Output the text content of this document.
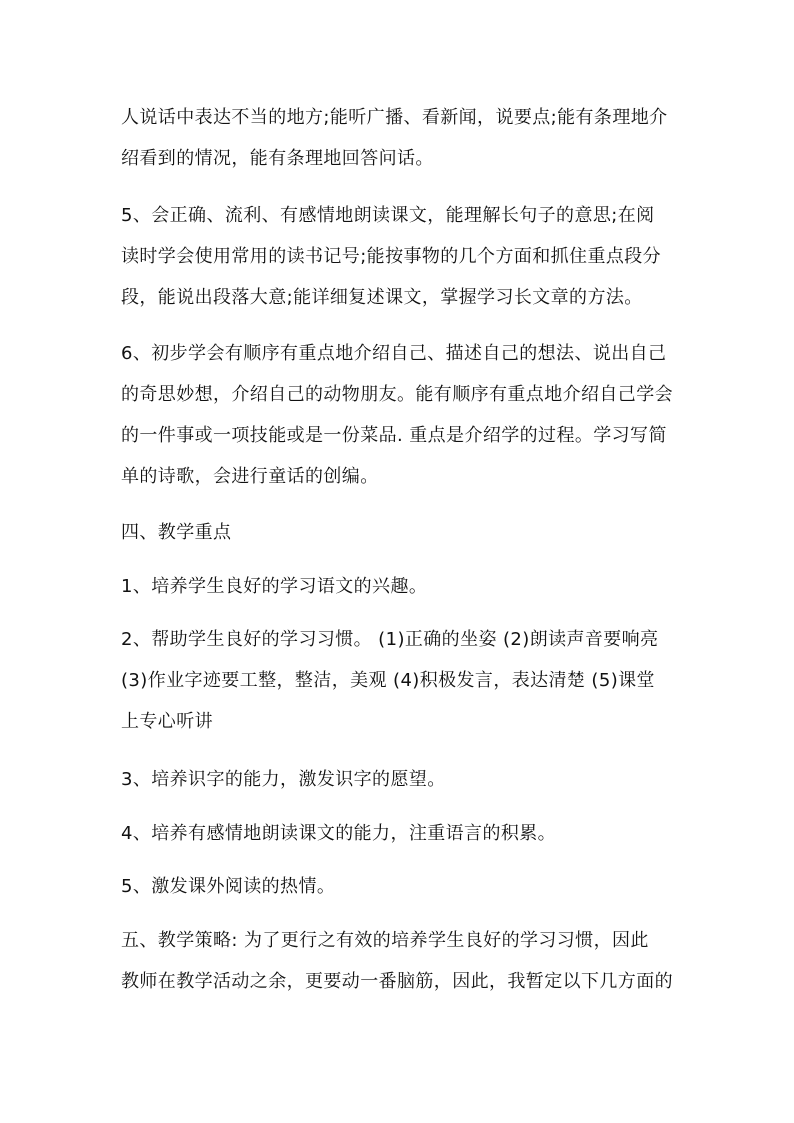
人说话中表达不当的地方;能听广播、看新闻，说要点;能有条理地介
绍看到的情况，能有条理地回答问话。
5、会正确、流利、有感情地朗读课文，能理解长句子的意思;在阅
读时学会使用常用的读书记号;能按事物的几个方面和抓住重点段分
段，能说出段落大意;能详细复述课文，掌握学习长文章的方法。
6、初步学会有顺序有重点地介绍自己、描述自己的想法、说出自己
的奇思妙想，介绍自己的动物朋友。能有顺序有重点地介绍自己学会
的一件事或一项技能或是一份菜品. 重点是介绍学的过程。学习写简
单的诗歌，会进行童话的创编。
四、教学重点
1、培养学生良好的学习语文的兴趣。
2、帮助学生良好的学习习惯。 (1)正确的坐姿 (2)朗读声音要响亮
(3)作业字迹要工整，整洁，美观 (4)积极发言，表达清楚 (5)课堂
上专心听讲
3、培养识字的能力，激发识字的愿望。
4、培养有感情地朗读课文的能力，注重语言的积累。
5、激发课外阅读的热情。
五、教学策略: 为了更行之有效的培养学生良好的学习习惯，因此
教师在教学活动之余，更要动一番脑筋，因此，我暂定以下几方面的
